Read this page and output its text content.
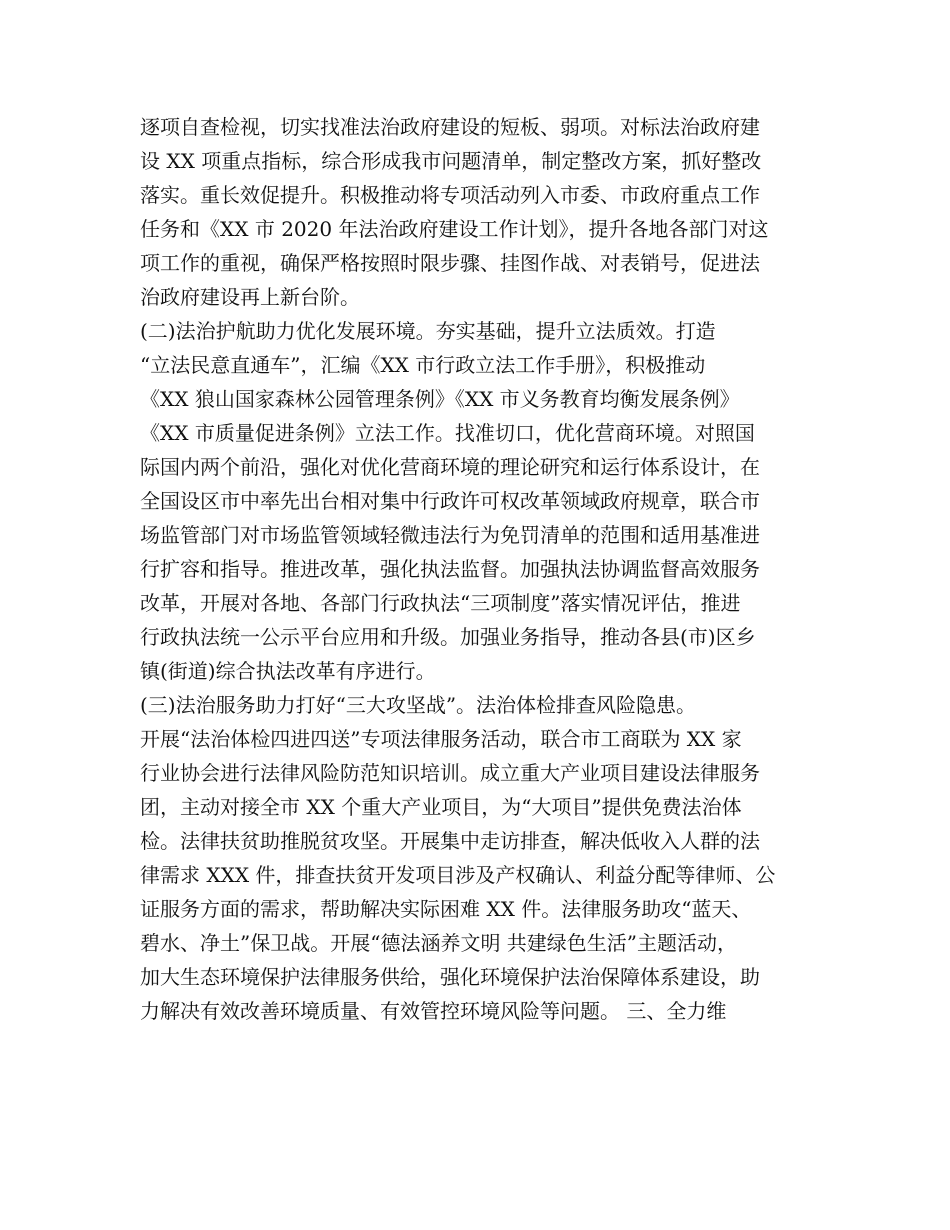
逐项自查检视，切实找准法治政府建设的短板、弱项。对标法治政府建

设 XX 项重点指标，综合形成我市问题清单，制定整改方案，抓好整改

落实。重长效促提升。积极推动将专项活动列入市委、市政府重点工作

任务和《XX 市 2020 年法治政府建设工作计划》，提升各地各部门对这

项工作的重视，确保严格按照时限步骤、挂图作战、对表销号，促进法

治政府建设再上新台阶。

(二)法治护航助力优化发展环境。夯实基础，提升立法质效。打造

“立法民意直通车”，汇编《XX 市行政立法工作手册》，积极推动

《XX 狼山国家森林公园管理条例》《XX 市义务教育均衡发展条例》

《XX 市质量促进条例》立法工作。找准切口，优化营商环境。对照国

际国内两个前沿，强化对优化营商环境的理论研究和运行体系设计，在

全国设区市中率先出台相对集中行政许可权改革领域政府规章，联合市

场监管部门对市场监管领域轻微违法行为免罚清单的范围和适用基准进

行扩容和指导。推进改革，强化执法监督。加强执法协调监督高效服务

改革，开展对各地、各部门行政执法“三项制度”落实情况评估，推进

行政执法统一公示平台应用和升级。加强业务指导，推动各县(市)区乡

镇(街道)综合执法改革有序进行。

(三)法治服务助力打好“三大攻坚战”。法治体检排查风险隐患。

开展“法治体检四进四送”专项法律服务活动，联合市工商联为 XX 家

行业协会进行法律风险防范知识培训。成立重大产业项目建设法律服务

团，主动对接全市 XX 个重大产业项目，为“大项目”提供免费法治体

检。法律扶贫助推脱贫攻坚。开展集中走访排查，解决低收入人群的法

律需求 XXX 件，排查扶贫开发项目涉及产权确认、利益分配等律师、公

证服务方面的需求，帮助解决实际困难 XX 件。法律服务助攻“蓝天、

碧水、净土”保卫战。开展“德法涵养文明 共建绿色生活”主题活动，

加大生态环境保护法律服务供给，强化环境保护法治保障体系建设，助

力解决有效改善环境质量、有效管控环境风险等问题。 三、全力维
